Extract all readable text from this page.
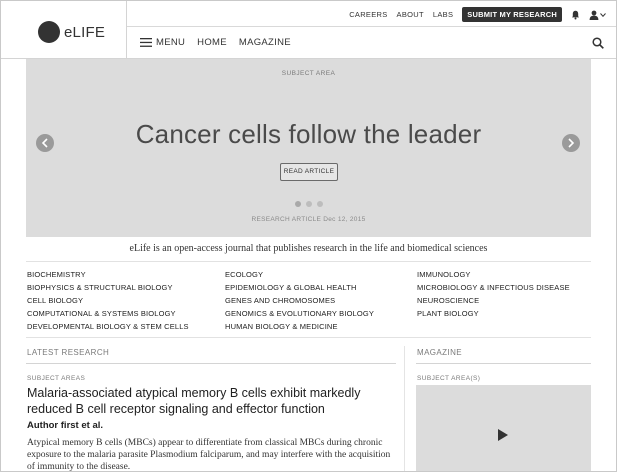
eLIFE
CAREERS ABOUT LABS	SUBMIT MY RESEARCH
MENU HOME MAGAZINE
SUBJECT AREA
Cancer cells follow the leader
READ ARTICLE
RESEARCH ARTICLE Dec 12, 2015
eLife is an open-access journal that publishes research in the life and biomedical sciences
BIOCHEMISTRY
BIOPHYSICS & STRUCTURAL BIOLOGY
CELL BIOLOGY
COMPUTATIONAL & SYSTEMS BIOLOGY
DEVELOPMENTAL BIOLOGY & STEM CELLS
ECOLOGY
EPIDEMIOLOGY & GLOBAL HEALTH
GENES AND CHROMOSOMES
GENOMICS & EVOLUTIONARY BIOLOGY
HUMAN BIOLOGY & MEDICINE
IMMUNOLOGY
MICROBIOLOGY & INFECTIOUS DISEASE
NEUROSCIENCE
PLANT BIOLOGY
LATEST RESEARCH
SUBJECT AREAS
Malaria-associated atypical memory B cells exhibit markedly reduced B cell receptor signaling and effector function
Author first et al.
Atypical memory B cells (MBCs) appear to differentiate from classical MBCs during chronic exposure to the malaria parasite Plasmodium falciparum, and may interfere with the acquisition of immunity to the disease.
MAGAZINE
SUBJECT AREA(S)
